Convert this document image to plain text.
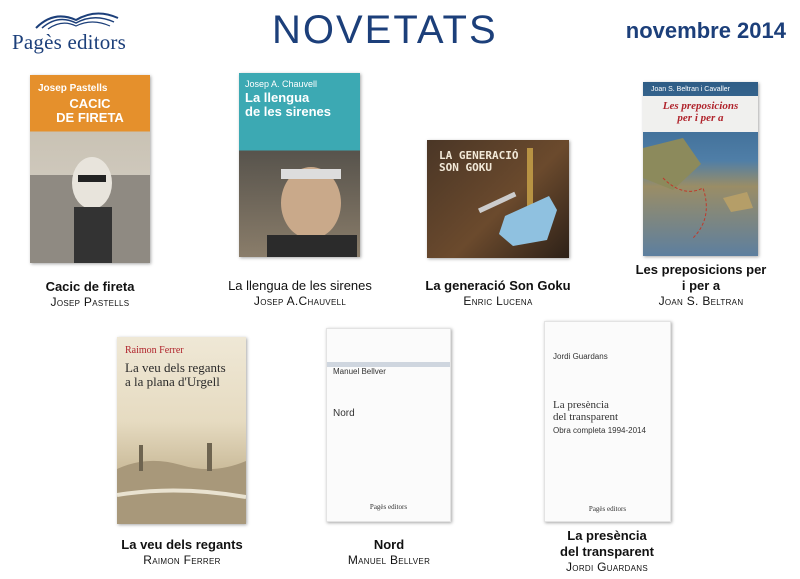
Pagès editors	NOVETATS	novembre 2014
Josep Pastells
CACIC
DE FIRETA
Cacic de fireta
Josep Pastells
Josep A. Chauvell
La llengua
de les sirenes
La llengua de les sirenes
Josep A.Chauvell
LA GENERACIÓ
SON GOKU
La generació Son Goku
Enric Lucena
Joan S. Beltran i Cavaller
Les preposicions
per i per a
Les preposicions per
i per a
Joan S. Beltran
Raimon Ferrer
La veu dels regants
a la plana d'Urgell
La veu dels regants
Raimon Ferrer
Manuel Bellver
Nord
Pagès editors
Nord
Manuel Bellver
Jordi Guardans
La presència
del transparent
Obra completa 1994-2014
Pagès editors
La presència
del transparent
Jordi Guardans
